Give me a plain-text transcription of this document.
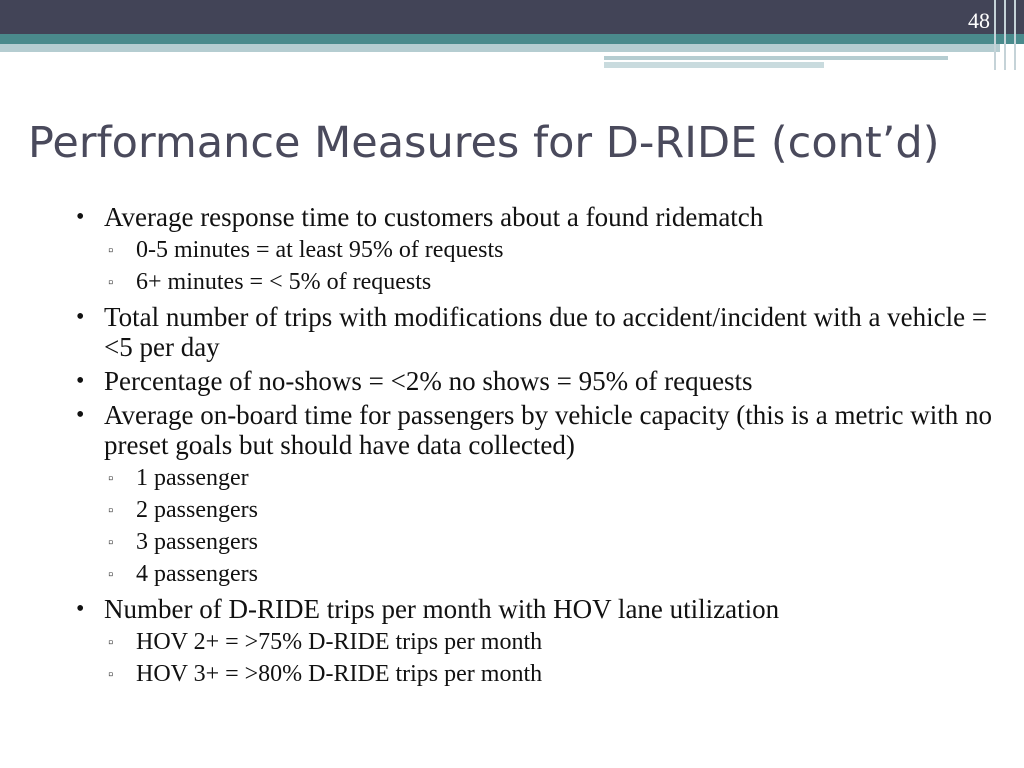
48
Performance Measures for D-RIDE (cont’d)
• Average response time to customers about a found ridematch
▫ 0-5 minutes = at least 95% of requests
▫ 6+ minutes = < 5% of requests
• Total number of trips with modifications due to accident/incident with a vehicle = <5 per day
• Percentage of no-shows = <2% no shows = 95% of requests
• Average on-board time for passengers by vehicle capacity (this is a metric with no preset goals but should have data collected)
▫ 1 passenger
▫ 2 passengers
▫ 3 passengers
▫ 4 passengers
• Number of D-RIDE trips per month with HOV lane utilization
▫ HOV 2+ = >75% D-RIDE trips per month
▫ HOV 3+ = >80% D-RIDE trips per month
